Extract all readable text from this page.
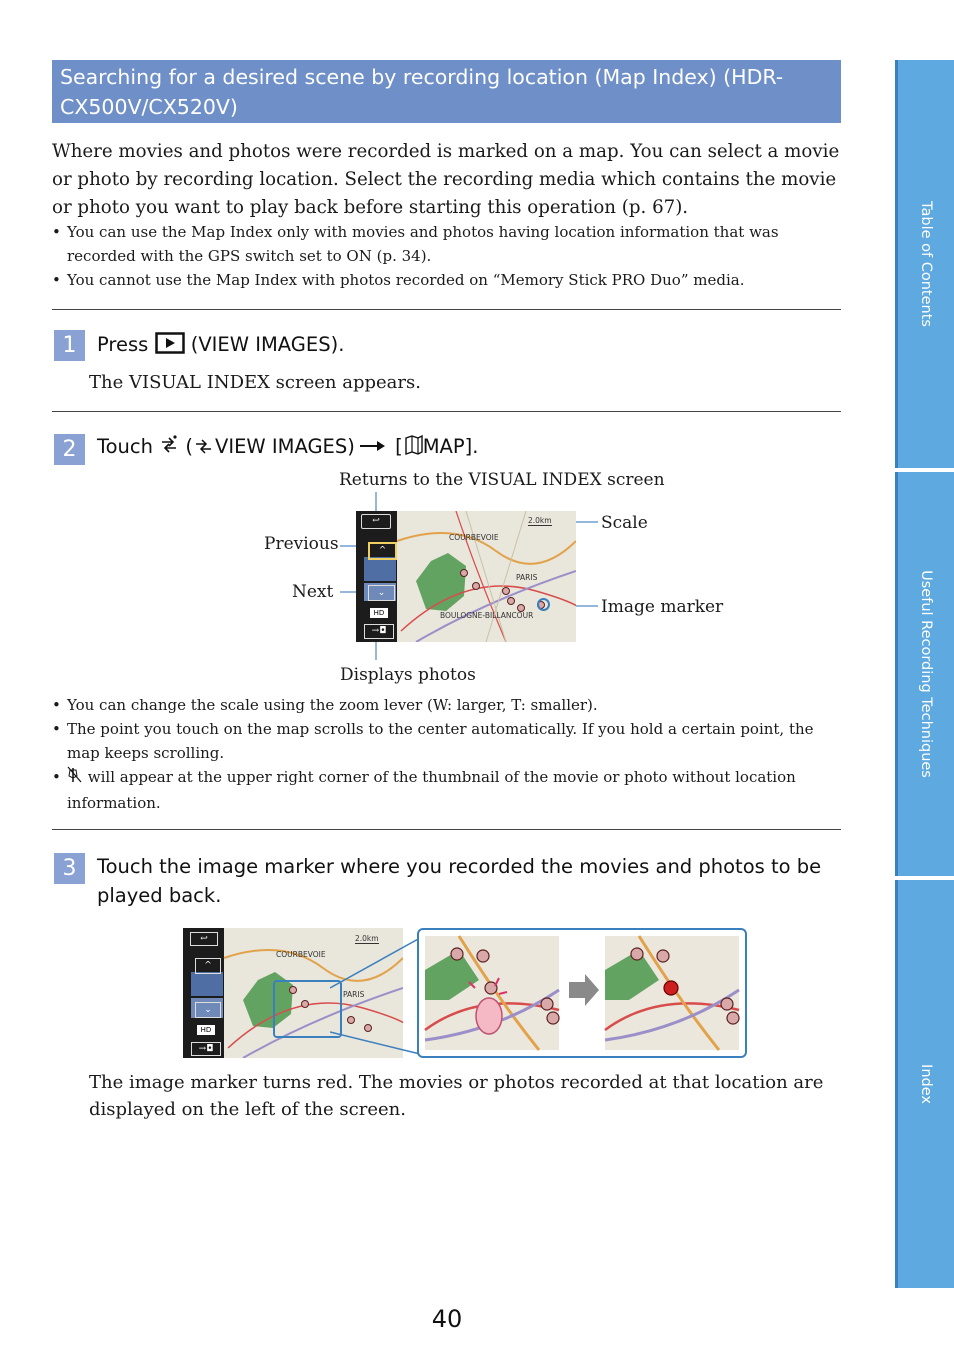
Searching for a desired scene by recording location (Map Index) (HDR-CX500V/CX520V)
Where movies and photos were recorded is marked on a map. You can select a movie or photo by recording location. Select the recording media which contains the movie or photo you want to play back before starting this operation (p. 67).
• You can use the Map Index only with movies and photos having location information that was recorded with the GPS switch set to ON (p. 34).
• You cannot use the Map Index with photos recorded on “Memory Stick PRO Duo” media.
1	Press  (VIEW IMAGES).
The VISUAL INDEX screen appears.
2	Touch  ( VIEW IMAGES) [ MAP].
Returns to the VISUAL INDEX screen
Scale
Previous
Next
Image marker
Displays photos
COURBEVOIE
PARIS
BOULOGNE-BILLANCOUR
2.0km
↩
^
⌄
HD
→◘
• You can change the scale using the zoom lever (W: larger, T: smaller).
• The point you touch on the map scrolls to the center automatically. If you hold a certain point, the map keeps scrolling.
• will appear at the upper right corner of the thumbnail of the movie or photo without location information.
3	Touch the image marker where you recorded the movies and photos to be played back.
COURBEVOIE
PARIS
2.0km
↩
^
⌄
HD
→◘
The image marker turns red. The movies or photos recorded at that location are displayed on the left of the screen.
Table of Contents
Useful Recording Techniques
Index
40
